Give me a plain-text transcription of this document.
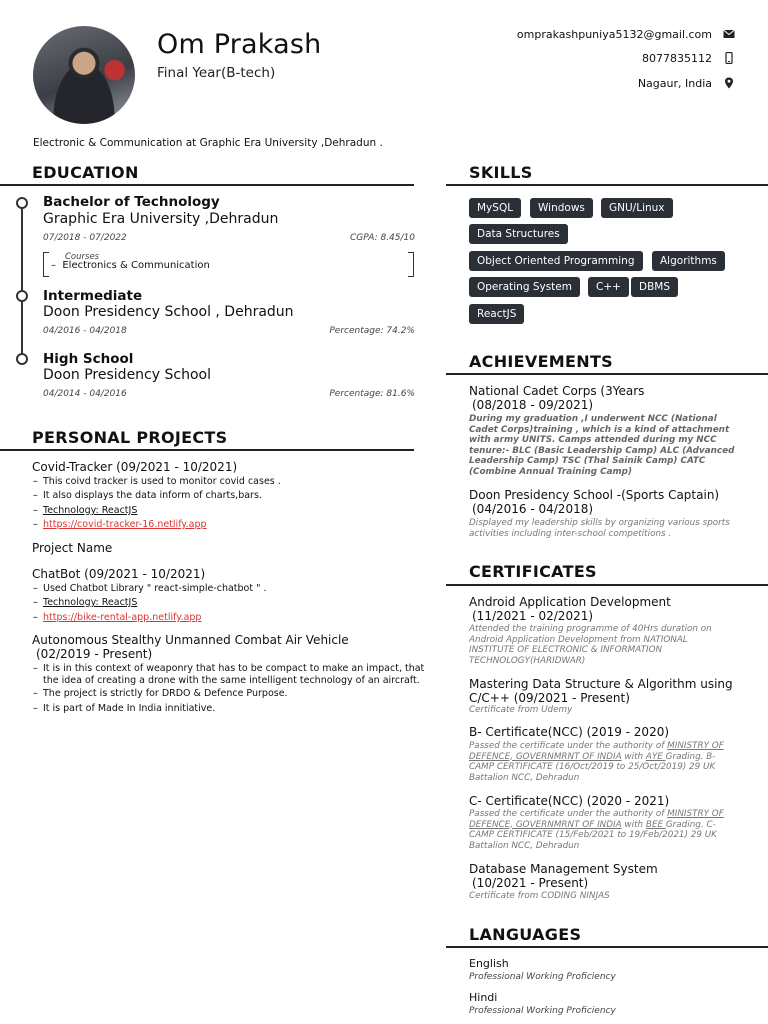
Om Prakash
Final Year(B-tech)
omprakashpuniya5132@gmail.com
8077835112
Nagaur, India
Electronic & Communication at Graphic Era University ,Dehradun .
EDUCATION
Bachelor of Technology
Graphic Era University ,Dehradun
07/2018 - 07/2022	CGPA: 8.45/10
Courses
–  Electronics & Communication
Intermediate
Doon Presidency School , Dehradun
04/2016 - 04/2018	Percentage: 74.2%
High School
Doon Presidency School
04/2014 - 04/2016	Percentage: 81.6%
PERSONAL PROJECTS
Covid-Tracker (09/2021 - 10/2021)
– This coivd tracker is used to monitor covid cases .
– It also displays the data inform of charts,bars.
– Technology: ReactJS
– https://covid-tracker-16.netlify.app
Project Name
ChatBot (09/2021 - 10/2021)
– Used Chatbot Library " react-simple-chatbot " .
– Technology: ReactJS
– https://bike-rental-app.netlify.app
Autonomous Stealthy Unmanned Combat Air Vehicle
(02/2019 - Present)
– It is in this context of weaponry that has to be compact to make an impact, that
the idea of creating a drone with the same intelligent technology of an aircraft.
– The project is strictly for DRDO & Defence Purpose.
– It is part of Made In India innitiative.
SKILLS
MySQL	Windows	GNU/Linux
Data Structures
Object Oriented Programming	Algorithms
Operating System	C++	DBMS
ReactJS
ACHIEVEMENTS
National Cadet Corps (3Years
(08/2018 - 09/2021)
During my graduation ,I underwent NCC (National
Cadet Corps)training , which is a kind of attachment
with army UNITS. Camps attended during my NCC
tenure:- BLC (Basic Leadership Camp) ALC (Advanced
Leadership Camp) TSC (Thal Sainik Camp) CATC
(Combine Annual Training Camp)
Doon Presidency School -(Sports Captain)
(04/2016 - 04/2018)
Displayed my leadership skills by organizing various sports
activities including inter-school competitions .
CERTIFICATES
Android Application Development
(11/2021 - 02/2021)
Attended the training programme of 40Hrs duration on
Android Application Development from NATIONAL
INSTITUTE OF ELECTRONIC & INFORMATION
TECHNOLOGY(HARIDWAR)
Mastering Data Structure & Algorithm using
C/C++ (09/2021 - Present)
Certificate from Udemy
B- Certificate(NCC) (2019 - 2020)
Passed the certificate under the authority of MINISTRY OF
DEFENCE, GOVERNMRNT OF INDIA with AYE Grading. B-
CAMP CERTIFICATE (16/Oct/2019 to 25/Oct/2019) 29 UK
Battalion NCC, Dehradun
C- Certificate(NCC) (2020 - 2021)
Passed the certificate under the authority of MINISTRY OF
DEFENCE, GOVERNMRNT OF INDIA with BEE Grading. C-
CAMP CERTIFICATE (15/Feb/2021 to 19/Feb/2021) 29 UK
Battalion NCC, Dehradun
Database Management System
(10/2021 - Present)
Certificate from CODING NINJAS
LANGUAGES
English
Professional Working Proficiency
Hindi
Professional Working Proficiency
